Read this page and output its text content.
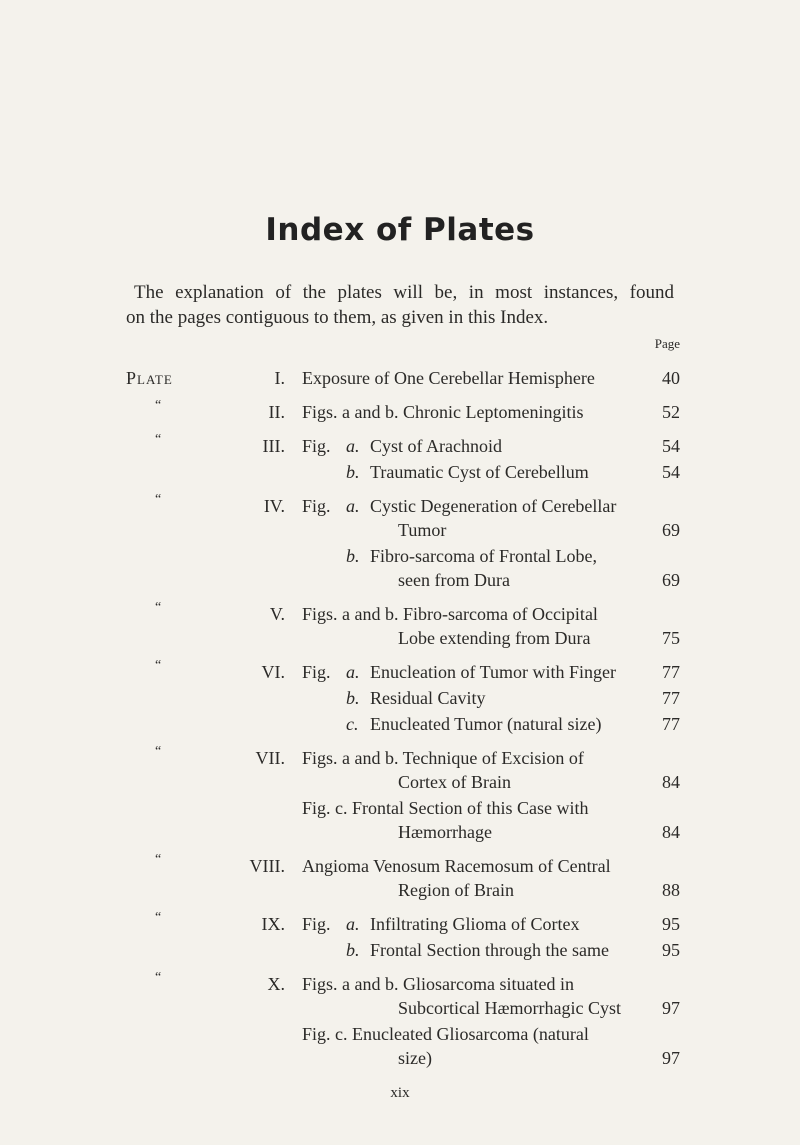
Index of Plates
The explanation of the plates will be, in most instances, found
on the pages contiguous to them, as given in this Index.
Page
Plate	I. Exposure of One Cerebellar Hemisphere	40
“	II. Figs. a and b. Chronic Leptomeningitis	52
“	III. Fig. a. Cyst of Arachnoid	54
b. Traumatic Cyst of Cerebellum	54
“	IV. Fig. a. Cystic Degeneration of Cerebellar
Tumor	69
b. Fibro-sarcoma of Frontal Lobe,
seen from Dura	69
“	V. Figs. a and b. Fibro-sarcoma of Occipital
Lobe extending from Dura	75
“	VI. Fig. a. Enucleation of Tumor with Finger	77
b. Residual Cavity	77
c. Enucleated Tumor (natural size)	77
“	VII. Figs. a and b. Technique of Excision of
Cortex of Brain	84
Fig. c. Frontal Section of this Case with
Hæmorrhage	84
“	VIII. Angioma Venosum Racemosum of Central
Region of Brain	88
“	IX. Fig. a. Infiltrating Glioma of Cortex	95
b. Frontal Section through the same	95
“	X. Figs. a and b. Gliosarcoma situated in
Subcortical Hæmorrhagic Cyst	97
Fig. c. Enucleated Gliosarcoma (natural
size)	97
xix
